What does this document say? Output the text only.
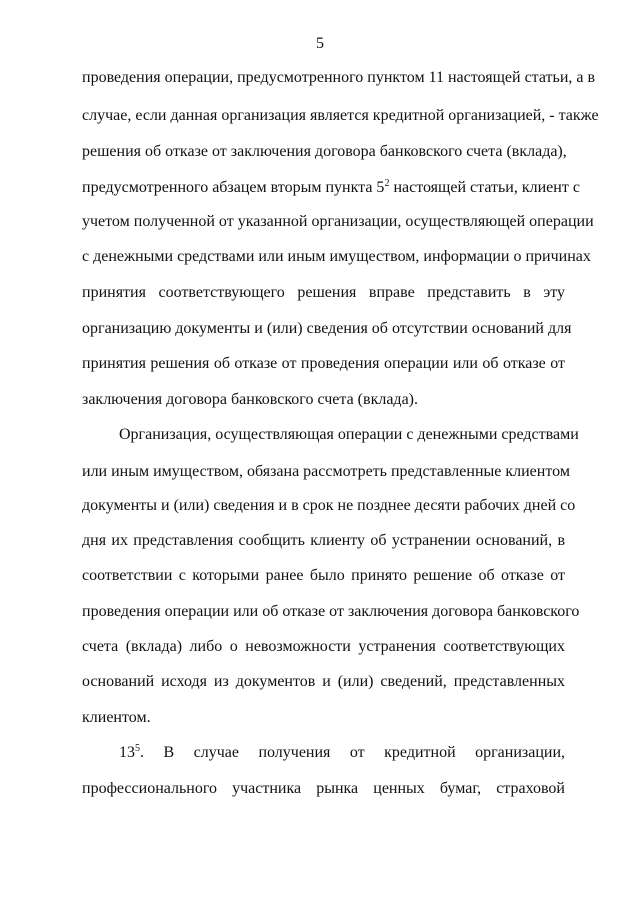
5
проведения операции, предусмотренного пунктом 11 настоящей статьи, а в
случае, если данная организация является кредитной организацией, - также
решения об отказе от заключения договора банковского счета (вклада),
предусмотренного абзацем вторым пункта $5^2$ настоящей статьи, клиент с
учетом полученной от указанной организации, осуществляющей операции
с денежными средствами или иным имуществом, информации о причинах
принятия соответствующего решения вправе представить в эту
организацию документы и (или) сведения об отсутствии оснований для
принятия решения об отказе от проведения операции или об отказе от
заключения договора банковского счета (вклада).
Организация, осуществляющая операции с денежными средствами
или иным имуществом, обязана рассмотреть представленные клиентом
документы и (или) сведения и в срок не позднее десяти рабочих дней со
дня их представления сообщить клиенту об устранении оснований, в
соответствии с которыми ранее было принято решение об отказе от
проведения операции или об отказе от заключения договора банковского
счета (вклада) либо о невозможности устранения соответствующих
оснований исходя из документов и (или) сведений, представленных
клиентом.
$13^5$. В случае получения от кредитной организации,
профессионального участника рынка ценных бумаг, страховой
